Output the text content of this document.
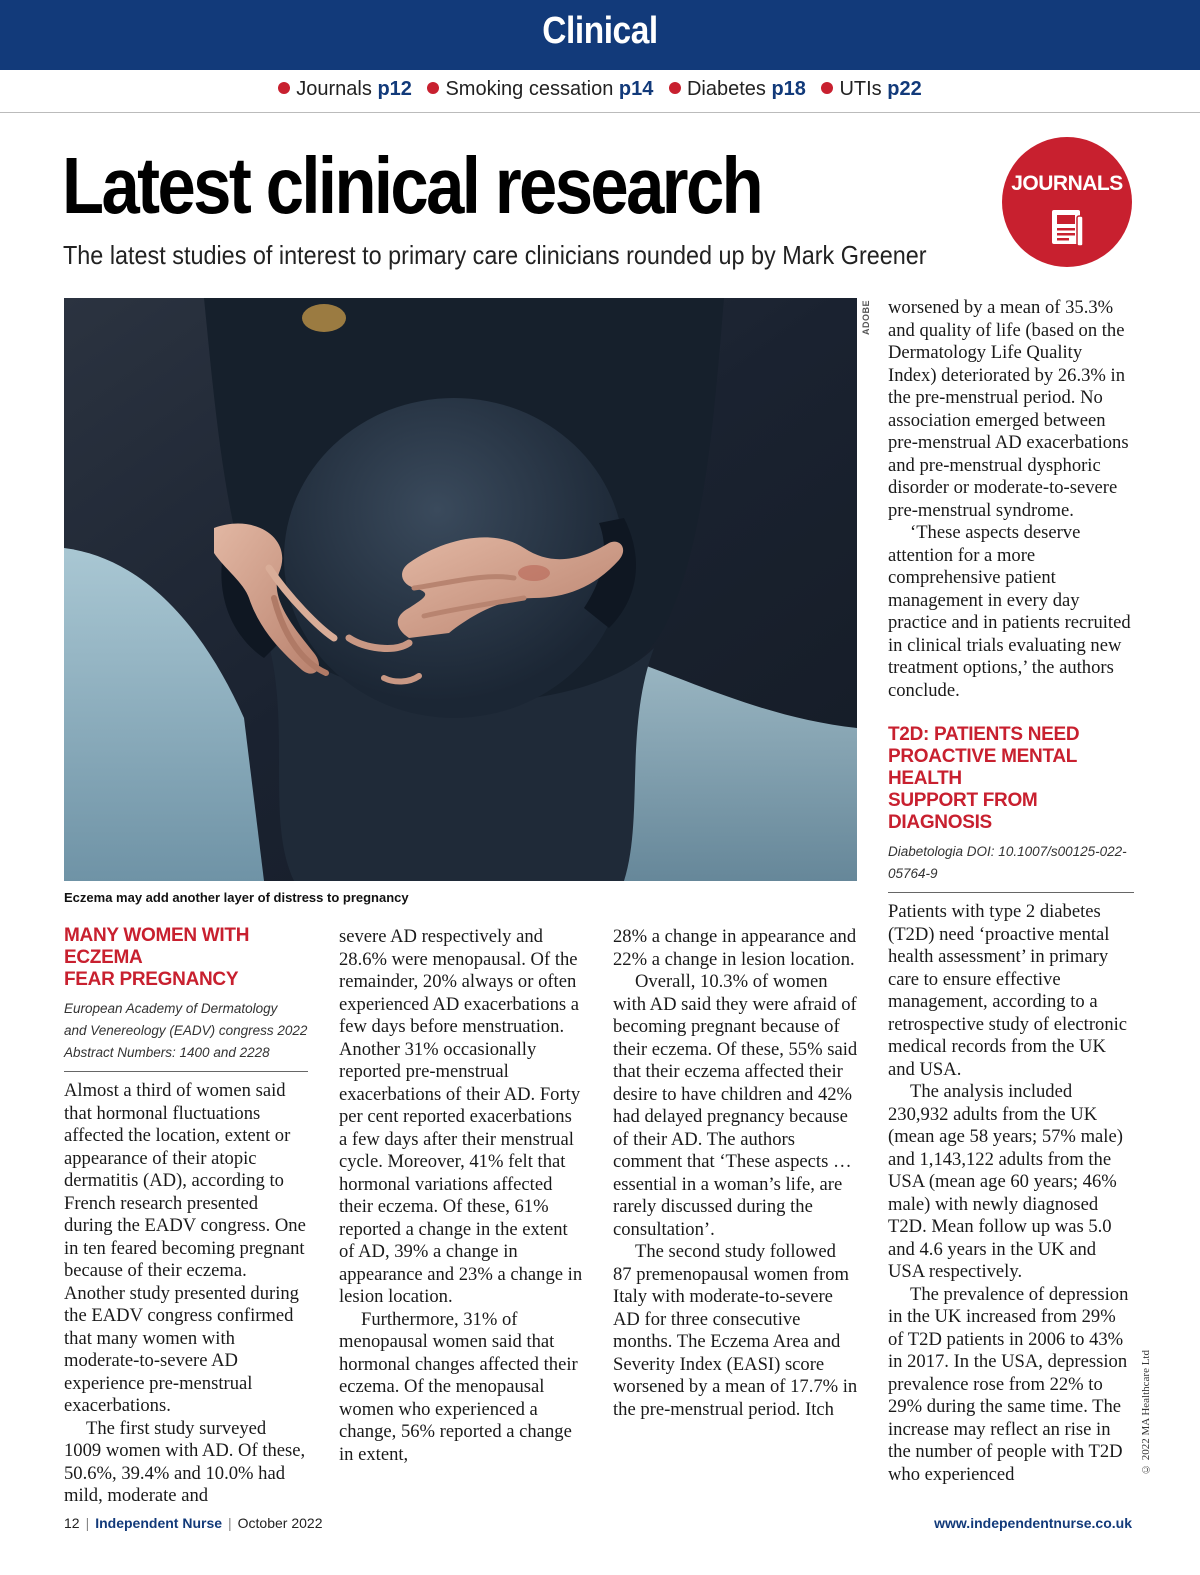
Clinical
Journals p12 Smoking cessation p14 Diabetes p18 UTIs p22
Latest clinical research
The latest studies of interest to primary care clinicians rounded up by Mark Greener
JOURNALS
ADOBE
Eczema may add another layer of distress to pregnancy
MANY WOMEN WITH ECZEMA
FEAR PREGNANCY
European Academy of Dermatology
and Venereology (EADV) congress 2022
Abstract Numbers: 1400 and 2228

Almost a third of women said that hormonal fluctuations affected the location, extent or appearance of their atopic dermatitis (AD), according to French research presented during the EADV congress. One in ten feared becoming pregnant because of their eczema. Another study presented during the EADV congress confirmed that many women with moderate-to-severe AD experience pre-menstrual exacerbations.

The first study surveyed 1009 women with AD. Of these, 50.6%, 39.4% and 10.0% had mild, moderate and

severe AD respectively and 28.6% were menopausal. Of the remainder, 20% always or often experienced AD exacerbations a few days before menstruation. Another 31% occasionally reported pre-menstrual exacerbations of their AD. Forty per cent reported exacerbations a few days after their menstrual cycle. Moreover, 41% felt that hormonal variations affected their eczema. Of these, 61% reported a change in the extent of AD, 39% a change in appearance and 23% a change in lesion location.

Furthermore, 31% of menopausal women said that hormonal changes affected their eczema. Of the menopausal women who experienced a change, 56% reported a change in extent,

28% a change in appearance and 22% a change in lesion location.

Overall, 10.3% of women with AD said they were afraid of becoming pregnant because of their eczema. Of these, 55% said that their eczema affected their desire to have children and 42% had delayed pregnancy because of their AD. The authors comment that ‘These aspects … essential in a woman’s life, are rarely discussed during the consultation’.

The second study followed 87 premenopausal women from Italy with moderate-to-severe AD for three consecutive months. The Eczema Area and Severity Index (EASI) score worsened by a mean of 17.7% in the pre-menstrual period. Itch

worsened by a mean of 35.3% and quality of life (based on the Dermatology Life Quality Index) deteriorated by 26.3% in the pre-menstrual period. No association emerged between pre-menstrual AD exacerbations and pre-menstrual dysphoric disorder or moderate-to-severe pre-menstrual syndrome.

‘These aspects deserve attention for a more comprehensive patient management in every day practice and in patients recruited in clinical trials evaluating new treatment options,’ the authors conclude.

T2D: PATIENTS NEED
PROACTIVE MENTAL HEALTH
SUPPORT FROM DIAGNOSIS
Diabetologia DOI: 10.1007/s00125-022-
05764-9

Patients with type 2 diabetes (T2D) need ‘proactive mental health assessment’ in primary care to ensure effective management, according to a retrospective study of electronic medical records from the UK and USA.

The analysis included 230,932 adults from the UK (mean age 58 years; 57% male) and 1,143,122 adults from the USA (mean age 60 years; 46% male) with newly diagnosed T2D. Mean follow up was 5.0 and 4.6 years in the UK and USA respectively.

The prevalence of depression in the UK increased from 29% of T2D patients in 2006 to 43% in 2017. In the USA, depression prevalence rose from 22% to 29% during the same time. The increase may reflect an rise in the number of people with T2D who experienced	© 2022 MA Healthcare Ltd
12 | Independent Nurse | October 2022	www.independentnurse.co.uk
